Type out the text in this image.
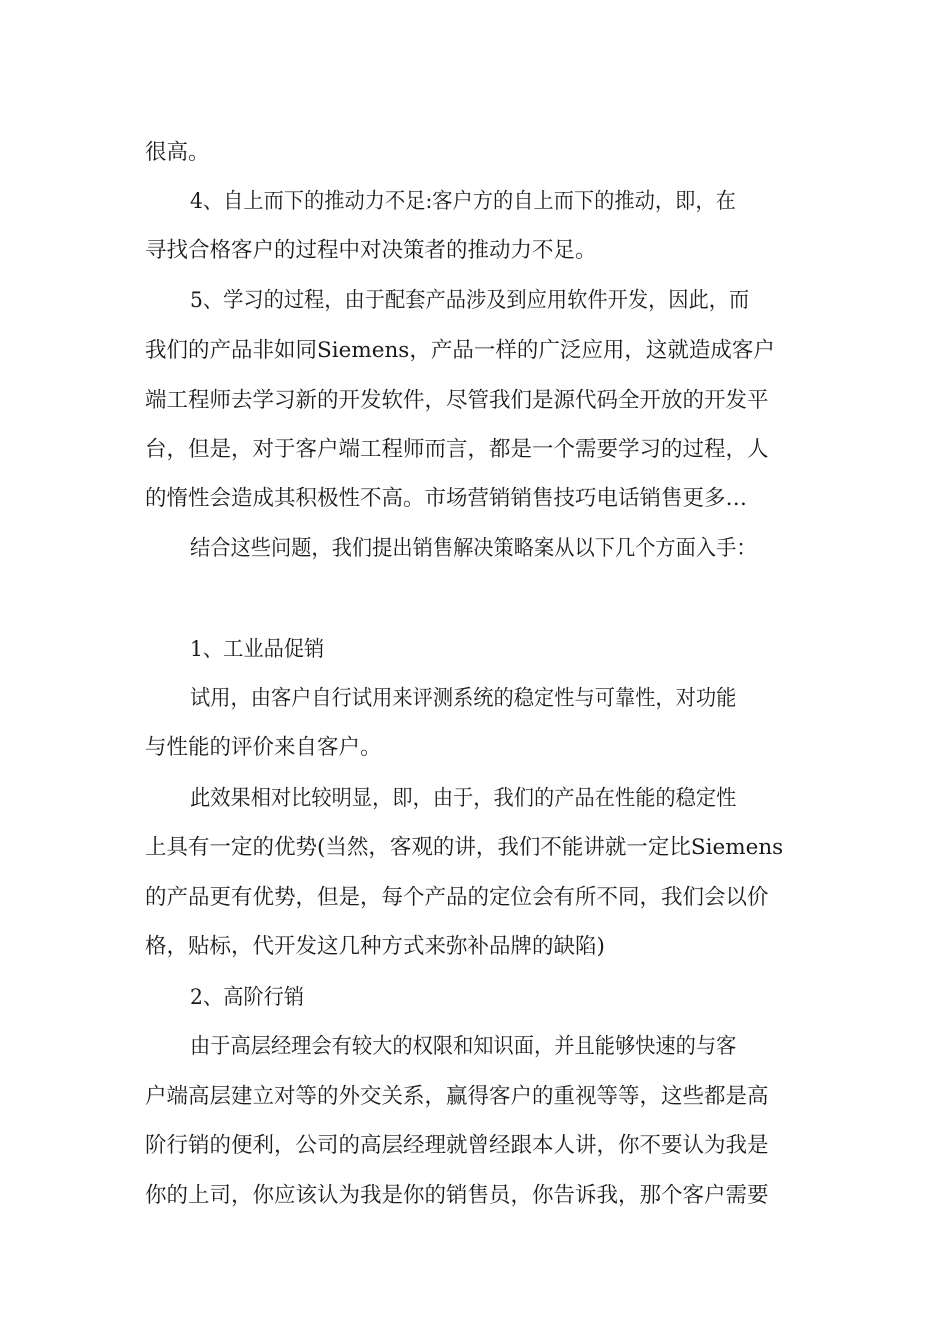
很高。
4、自上而下的推动力不足:客户方的自上而下的推动，即，在
寻找合格客户的过程中对决策者的推动力不足。
5、学习的过程，由于配套产品涉及到应用软件开发，因此，而
我们的产品非如同Siemens，产品一样的广泛应用，这就造成客户
端工程师去学习新的开发软件，尽管我们是源代码全开放的开发平
台，但是，对于客户端工程师而言，都是一个需要学习的过程，人
的惰性会造成其积极性不高。市场营销销售技巧电话销售更多…
结合这些问题，我们提出销售解决策略案从以下几个方面入手：
1、工业品促销
试用，由客户自行试用来评测系统的稳定性与可靠性，对功能
与性能的评价来自客户。
此效果相对比较明显，即，由于，我们的产品在性能的稳定性
上具有一定的优势(当然，客观的讲，我们不能讲就一定比Siemens
的产品更有优势，但是，每个产品的定位会有所不同，我们会以价
格，贴标，代开发这几种方式来弥补品牌的缺陷)
2、高阶行销
由于高层经理会有较大的权限和知识面，并且能够快速的与客
户端高层建立对等的外交关系，赢得客户的重视等等，这些都是高
阶行销的便利，公司的高层经理就曾经跟本人讲，你不要认为我是
你的上司，你应该认为我是你的销售员，你告诉我，那个客户需要
